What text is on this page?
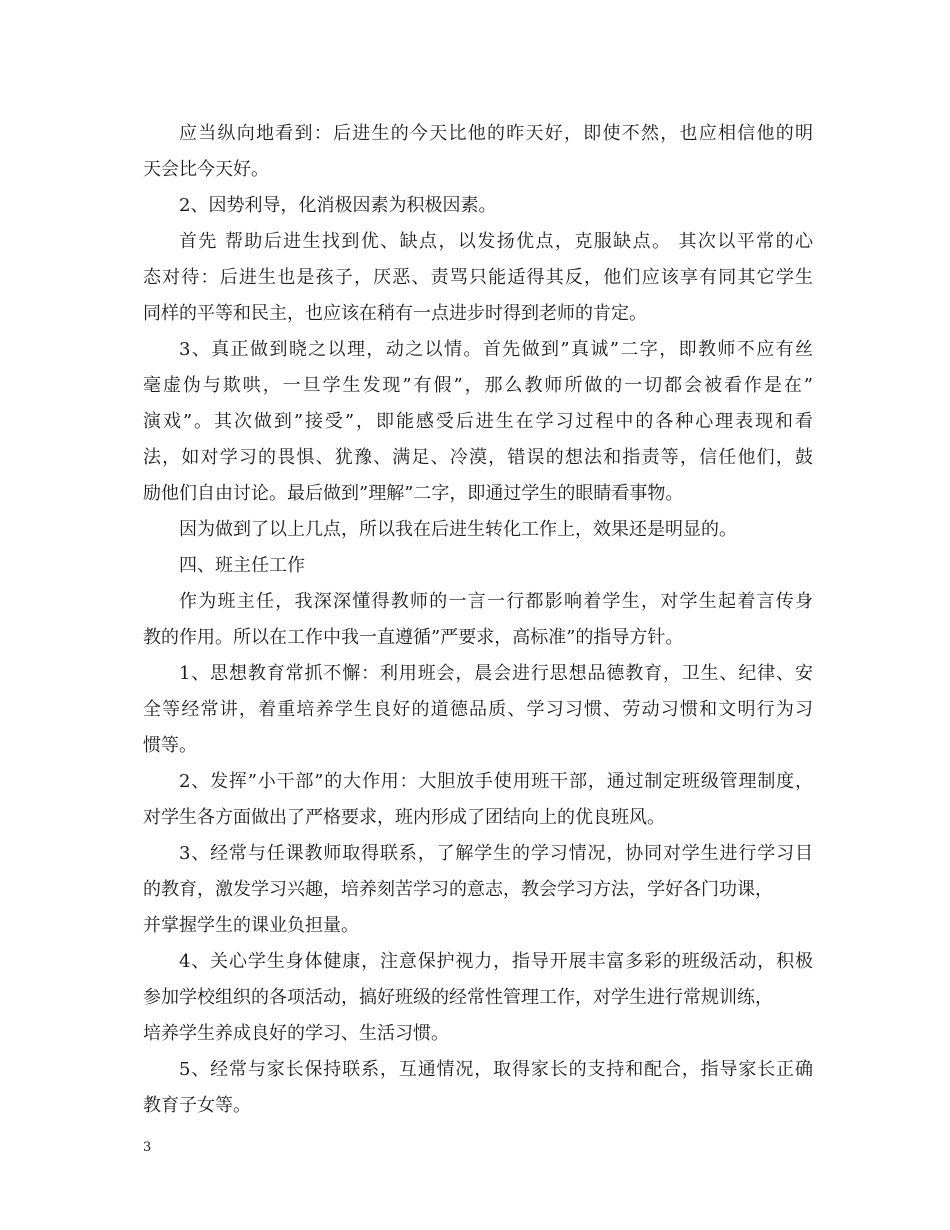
应当纵向地看到：后进生的今天比他的昨天好，即使不然，也应相信他的明
天会比今天好。
2、因势利导，化消极因素为积极因素。
首先 帮助后进生找到优、缺点，以发扬优点，克服缺点。 其次以平常的心
态对待：后进生也是孩子，厌恶、责骂只能适得其反，他们应该享有同其它学生
同样的平等和民主，也应该在稍有一点进步时得到老师的肯定。
3、真正做到晓之以理，动之以情。首先做到”真诚”二字，即教师不应有丝
毫虚伪与欺哄，一旦学生发现”有假”，那么教师所做的一切都会被看作是在”
演戏”。其次做到”接受”，即能感受后进生在学习过程中的各种心理表现和看
法，如对学习的畏惧、犹豫、满足、冷漠，错误的想法和指责等，信任他们，鼓
励他们自由讨论。最后做到”理解”二字，即通过学生的眼睛看事物。
因为做到了以上几点，所以我在后进生转化工作上，效果还是明显的。
四、班主任工作
作为班主任，我深深懂得教师的一言一行都影响着学生，对学生起着言传身
教的作用。所以在工作中我一直遵循”严要求，高标准”的指导方针。
1、思想教育常抓不懈：利用班会，晨会进行思想品德教育，卫生、纪律、安
全等经常讲，着重培养学生良好的道德品质、学习习惯、劳动习惯和文明行为习
惯等。
2、发挥”小干部”的大作用：大胆放手使用班干部，通过制定班级管理制度，
对学生各方面做出了严格要求，班内形成了团结向上的优良班风。
3、经常与任课教师取得联系，了解学生的学习情况，协同对学生进行学习目
的教育，激发学习兴趣，培养刻苦学习的意志，教会学习方法，学好各门功课，
并掌握学生的课业负担量。
4、关心学生身体健康，注意保护视力，指导开展丰富多彩的班级活动，积极
参加学校组织的各项活动，搞好班级的经常性管理工作，对学生进行常规训练，
培养学生养成良好的学习、生活习惯。
5、经常与家长保持联系，互通情况，取得家长的支持和配合，指导家长正确
教育子女等。
3
